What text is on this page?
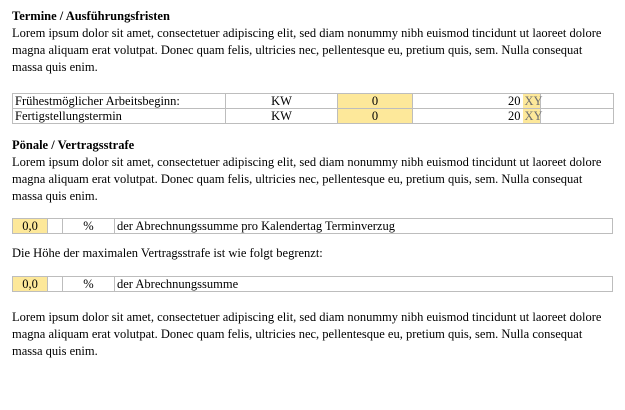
Termine / Ausführungsfristen

Lorem ipsum dolor sit amet, consectetuer adipiscing elit, sed diam nonummy nibh euismod tincidunt ut laoreet dolore magna aliquam erat volutpat. Donec quam felis, ultricies nec, pellentesque eu, pretium quis, sem. Nulla consequat massa quis enim.

Frühestmöglicher Arbeitsbeginn:	KW	0	20	XY	
Fertigstellungstermin	KW	0	20	XY	
Pönale / Vertragsstrafe

Lorem ipsum dolor sit amet, consectetuer adipiscing elit, sed diam nonummy nibh euismod tincidunt ut laoreet dolore magna aliquam erat volutpat. Donec quam felis, ultricies nec, pellentesque eu, pretium quis, sem. Nulla consequat massa quis enim.

0,0		%	der Abrechnungssumme pro Kalendertag Terminverzug

Die Höhe der maximalen Vertragsstrafe ist wie folgt begrenzt:

0,0		%	der Abrechnungssumme

Lorem ipsum dolor sit amet, consectetuer adipiscing elit, sed diam nonummy nibh euismod tincidunt ut laoreet dolore magna aliquam erat volutpat. Donec quam felis, ultricies nec, pellentesque eu, pretium quis, sem. Nulla consequat massa quis enim.
